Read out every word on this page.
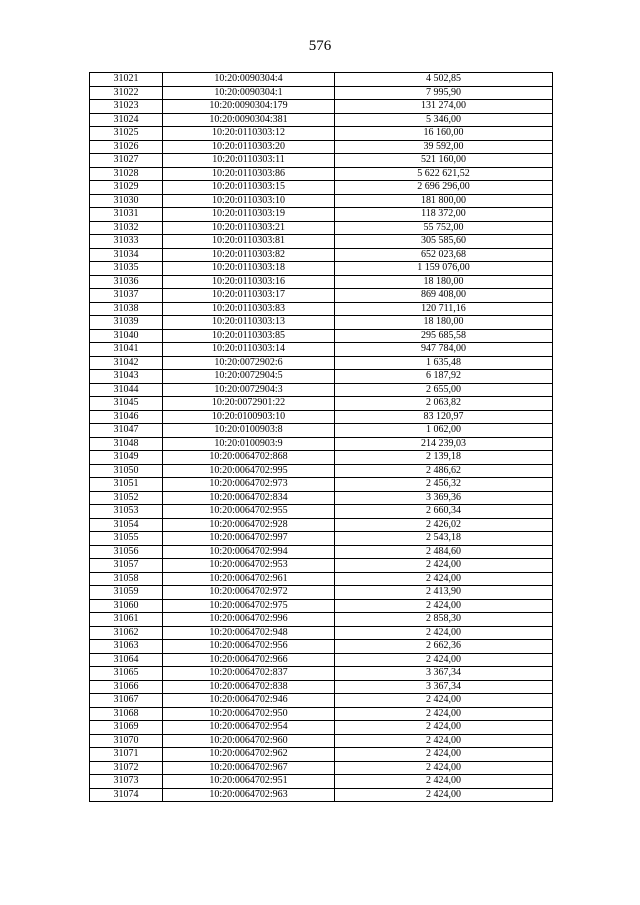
576
31021	10:20:0090304:4	4 502,85
31022	10:20:0090304:1	7 995,90
31023	10:20:0090304:179	131 274,00
31024	10:20:0090304:381	5 346,00
31025	10:20:0110303:12	16 160,00
31026	10:20:0110303:20	39 592,00
31027	10:20:0110303:11	521 160,00
31028	10:20:0110303:86	5 622 621,52
31029	10:20:0110303:15	2 696 296,00
31030	10:20:0110303:10	181 800,00
31031	10:20:0110303:19	118 372,00
31032	10:20:0110303:21	55 752,00
31033	10:20:0110303:81	305 585,60
31034	10:20:0110303:82	652 023,68
31035	10:20:0110303:18	1 159 076,00
31036	10:20:0110303:16	18 180,00
31037	10:20:0110303:17	869 408,00
31038	10:20:0110303:83	120 711,16
31039	10:20:0110303:13	18 180,00
31040	10:20:0110303:85	295 685,58
31041	10:20:0110303:14	947 784,00
31042	10:20:0072902:6	1 635,48
31043	10:20:0072904:5	6 187,92
31044	10:20:0072904:3	2 655,00
31045	10:20:0072901:22	2 063,82
31046	10:20:0100903:10	83 120,97
31047	10:20:0100903:8	1 062,00
31048	10:20:0100903:9	214 239,03
31049	10:20:0064702:868	2 139,18
31050	10:20:0064702:995	2 486,62
31051	10:20:0064702:973	2 456,32
31052	10:20:0064702:834	3 369,36
31053	10:20:0064702:955	2 660,34
31054	10:20:0064702:928	2 426,02
31055	10:20:0064702:997	2 543,18
31056	10:20:0064702:994	2 484,60
31057	10:20:0064702:953	2 424,00
31058	10:20:0064702:961	2 424,00
31059	10:20:0064702:972	2 413,90
31060	10:20:0064702:975	2 424,00
31061	10:20:0064702:996	2 858,30
31062	10:20:0064702:948	2 424,00
31063	10:20:0064702:956	2 662,36
31064	10:20:0064702:966	2 424,00
31065	10:20:0064702:837	3 367,34
31066	10:20:0064702:838	3 367,34
31067	10:20:0064702:946	2 424,00
31068	10:20:0064702:950	2 424,00
31069	10:20:0064702:954	2 424,00
31070	10:20:0064702:960	2 424,00
31071	10:20:0064702:962	2 424,00
31072	10:20:0064702:967	2 424,00
31073	10:20:0064702:951	2 424,00
31074	10:20:0064702:963	2 424,00
